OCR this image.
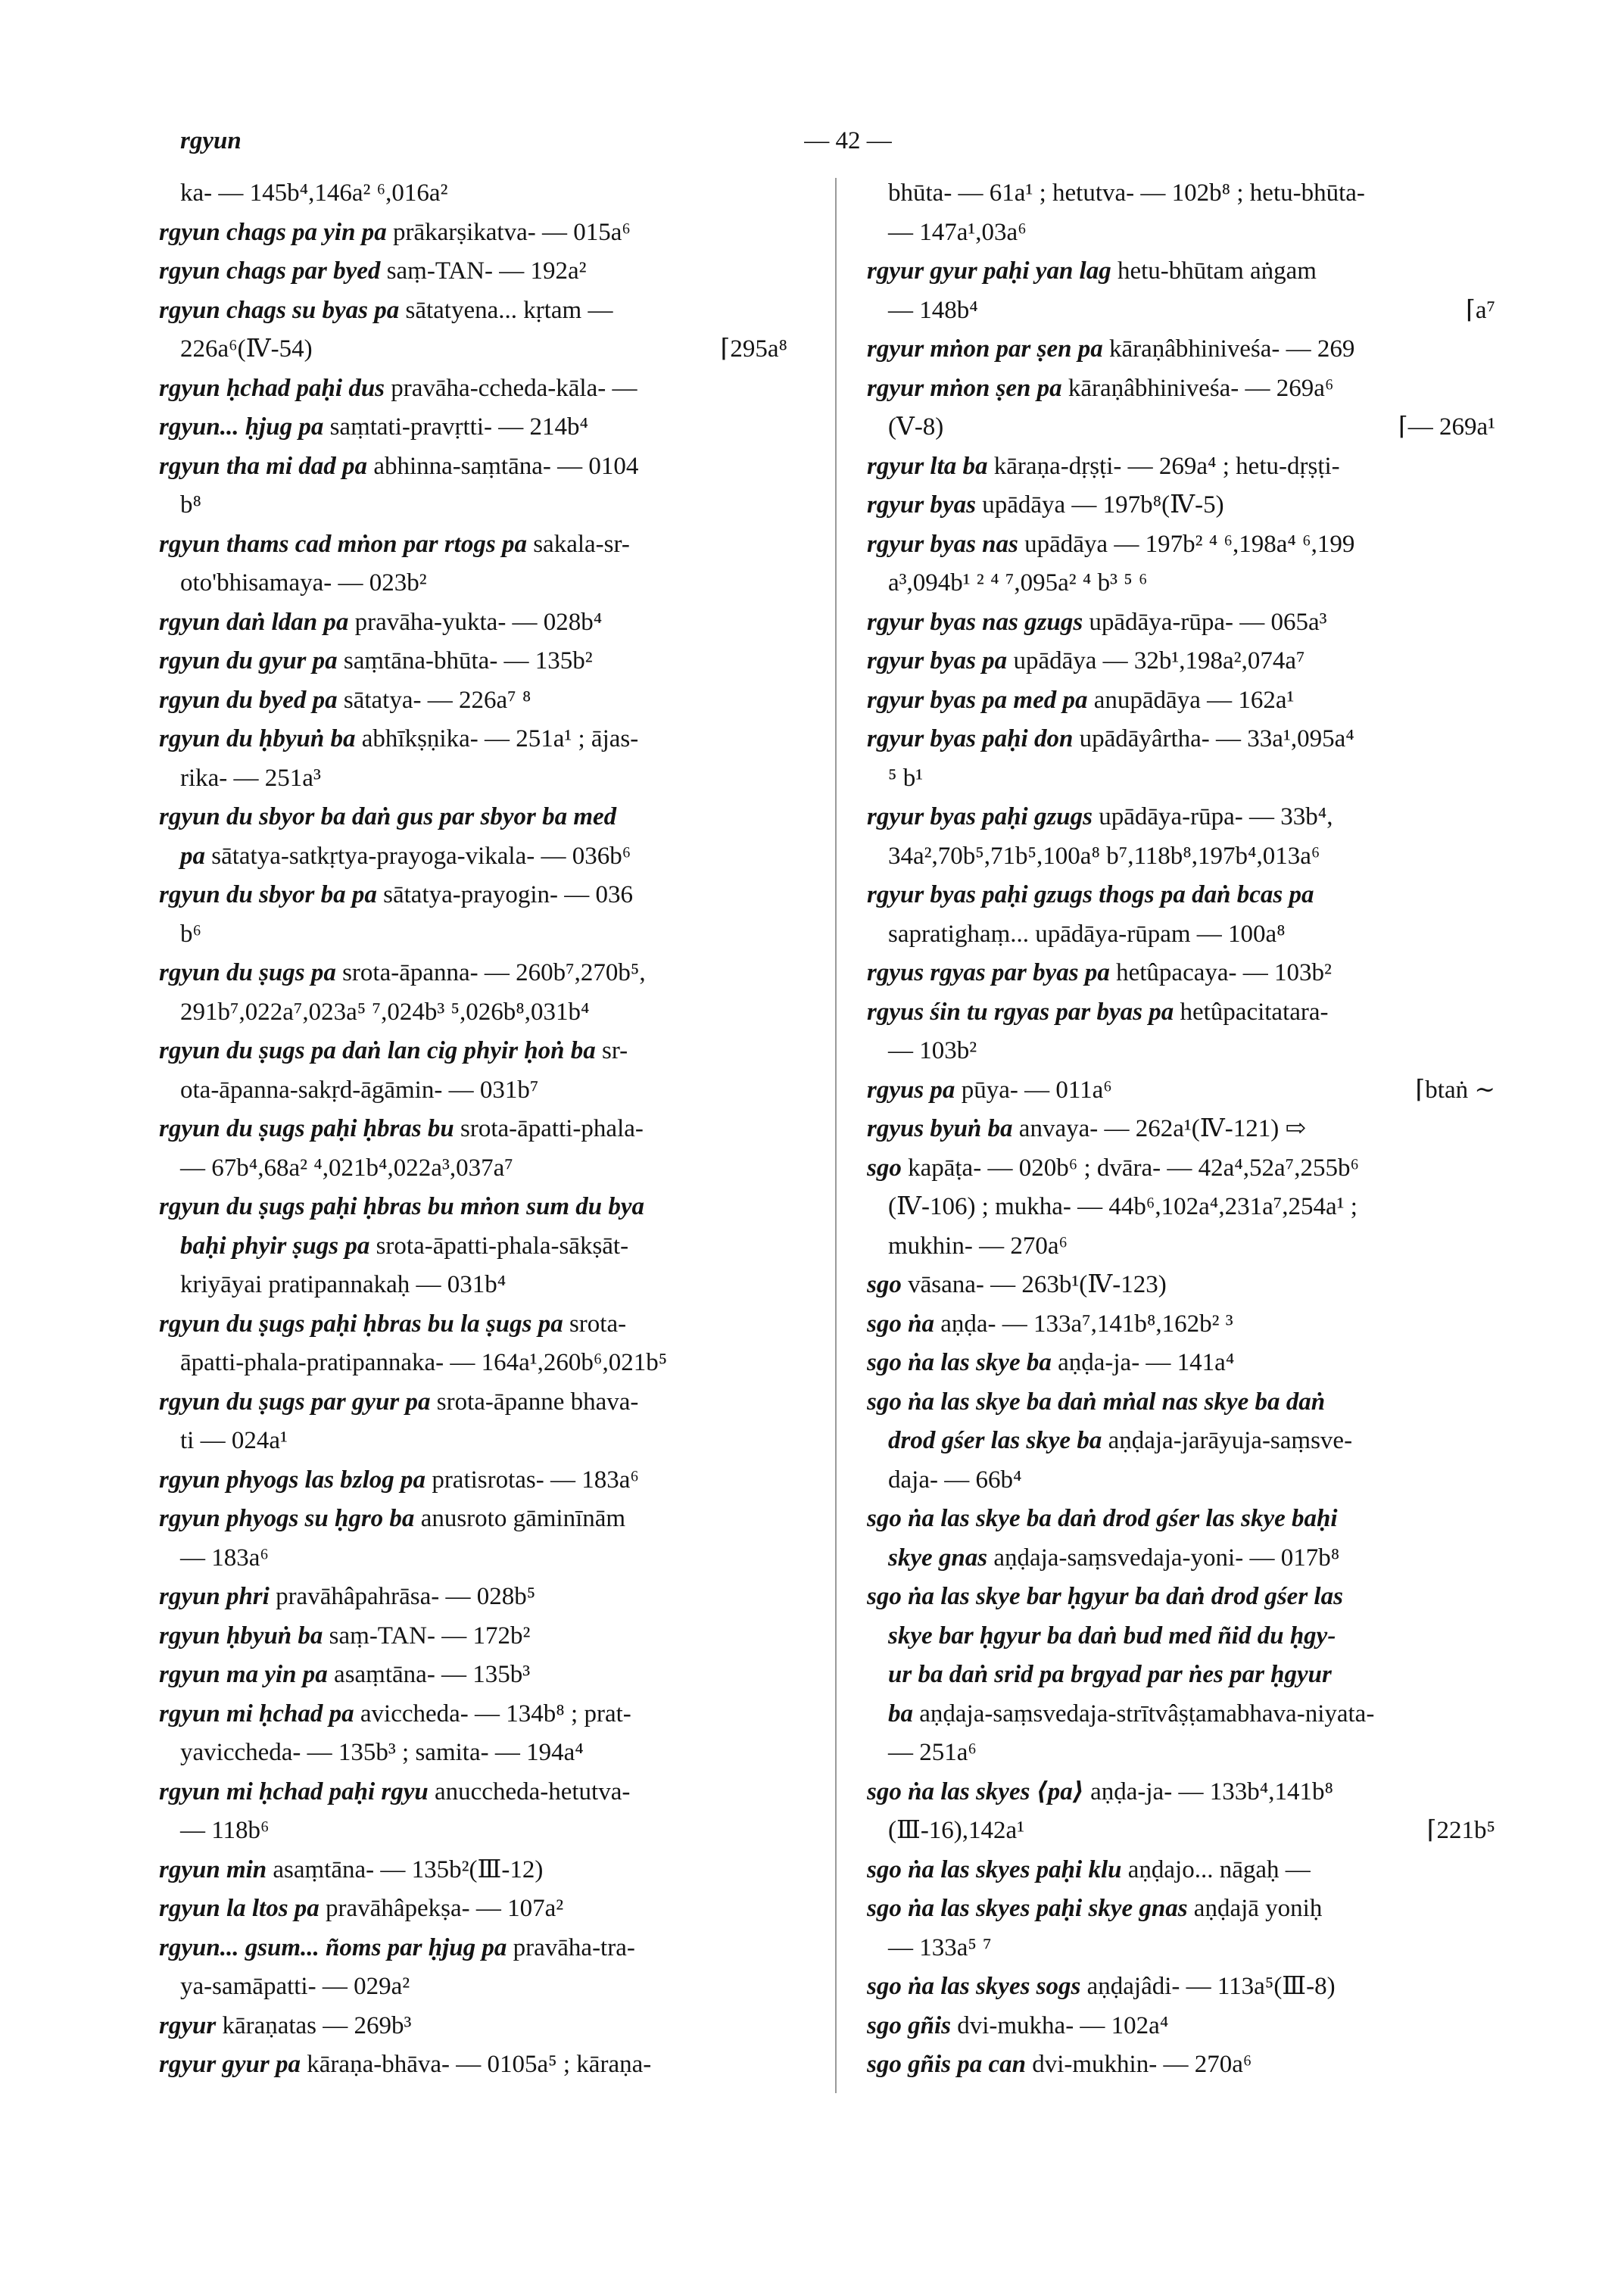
rgyun	— 42 —
ka- — 145b⁴,146a² ⁶,016a²
rgyun chags pa yin pa prākarṣikatva- — 015a⁶
rgyun chags par byed saṃ-TAN- — 192a²
rgyun chags su byas pa sātatyena... kṛtam —
⌈295a⁸
226a⁶(Ⅳ-54)
rgyun ḥchad paḥi dus pravāha-ccheda-kāla- —
rgyun... ḥjug pa saṃtati-pravṛtti- — 214b⁴
rgyun tha mi dad pa abhinna-saṃtāna- — 0104
b⁸
rgyun thams cad mṅon par rtogs pa sakala-sr-
oto'bhisamaya- — 023b²
rgyun daṅ ldan pa pravāha-yukta- — 028b⁴
rgyun du gyur pa saṃtāna-bhūta- — 135b²
rgyun du byed pa sātatya- — 226a⁷ ⁸
rgyun du ḥbyuṅ ba abhīkṣṇika- — 251a¹ ; ājas-
rika- — 251a³
rgyun du sbyor ba daṅ gus par sbyor ba med
pa sātatya-satkṛtya-prayoga-vikala- — 036b⁶
rgyun du sbyor ba pa sātatya-prayogin- — 036
b⁶
rgyun du ṣugs pa srota-āpanna- — 260b⁷,270b⁵,
291b⁷,022a⁷,023a⁵ ⁷,024b³ ⁵,026b⁸,031b⁴
rgyun du ṣugs pa daṅ lan cig phyir ḥoṅ ba sr-
ota-āpanna-sakṛd-āgāmin- — 031b⁷
rgyun du ṣugs paḥi ḥbras bu srota-āpatti-phala-
— 67b⁴,68a² ⁴,021b⁴,022a³,037a⁷
rgyun du ṣugs paḥi ḥbras bu mṅon sum du bya
baḥi phyir ṣugs pa srota-āpatti-phala-sākṣāt-
kriyāyai pratipannakaḥ — 031b⁴
rgyun du ṣugs paḥi ḥbras bu la ṣugs pa srota-
āpatti-phala-pratipannaka- — 164a¹,260b⁶,021b⁵
rgyun du ṣugs par gyur pa srota-āpanne bhava-
ti — 024a¹
rgyun phyogs las bzlog pa pratisrotas- — 183a⁶
rgyun phyogs su ḥgro ba anusroto gāminīnām
— 183a⁶
rgyun phri pravāhâpahrāsa- — 028b⁵
rgyun ḥbyuṅ ba saṃ-TAN- — 172b²
rgyun ma yin pa asaṃtāna- — 135b³
rgyun mi ḥchad pa aviccheda- — 134b⁸ ; prat-
yaviccheda- — 135b³ ; samita- — 194a⁴
rgyun mi ḥchad paḥi rgyu anuccheda-hetutva-
— 118b⁶
rgyun min asaṃtāna- — 135b²(Ⅲ-12)
rgyun la ltos pa pravāhâpekṣa- — 107a²
rgyun... gsum... ñoms par ḥjug pa pravāha-tra-
ya-samāpatti- — 029a²
rgyur kāraṇatas — 269b³
rgyur gyur pa kāraṇa-bhāva- — 0105a⁵ ; kāraṇa-
bhūta- — 61a¹ ; hetutva- — 102b⁸ ; hetu-bhūta-
— 147a¹,03a⁶
rgyur gyur paḥi yan lag hetu-bhūtam aṅgam
⌈a⁷
— 148b⁴
rgyur mṅon par ṣen pa kāraṇâbhiniveśa- — 269
rgyur mṅon ṣen pa kāraṇâbhiniveśa- — 269a⁶
⌈— 269a¹
(Ⅴ-8)
rgyur lta ba kāraṇa-dṛṣṭi- — 269a⁴ ; hetu-dṛṣṭi-
rgyur byas upādāya — 197b⁸(Ⅳ-5)
rgyur byas nas upādāya — 197b² ⁴ ⁶,198a⁴ ⁶,199
a³,094b¹ ² ⁴ ⁷,095a² ⁴ b³ ⁵ ⁶
rgyur byas nas gzugs upādāya-rūpa- — 065a³
rgyur byas pa upādāya — 32b¹,198a²,074a⁷
rgyur byas pa med pa anupādāya — 162a¹
rgyur byas paḥi don upādāyârtha- — 33a¹,095a⁴
⁵ b¹
rgyur byas paḥi gzugs upādāya-rūpa- — 33b⁴,
34a²,70b⁵,71b⁵,100a⁸ b⁷,118b⁸,197b⁴,013a⁶
rgyur byas paḥi gzugs thogs pa daṅ bcas pa
sapratighaṃ... upādāya-rūpam — 100a⁸
rgyus rgyas par byas pa hetûpacaya- — 103b²
rgyus śin tu rgyas par byas pa hetûpacitatara-
— 103b²
⌈btaṅ ∼
rgyus pa pūya- — 011a⁶
rgyus byuṅ ba anvaya- — 262a¹(Ⅳ-121) ⇨
sgo kapāṭa- — 020b⁶ ; dvāra- — 42a⁴,52a⁷,255b⁶
(Ⅳ-106) ; mukha- — 44b⁶,102a⁴,231a⁷,254a¹ ;
mukhin- — 270a⁶
sgo vāsana- — 263b¹(Ⅳ-123)
sgo ṅa aṇḍa- — 133a⁷,141b⁸,162b² ³
sgo ṅa las skye ba aṇḍa-ja- — 141a⁴
sgo ṅa las skye ba daṅ mṅal nas skye ba daṅ
drod gśer las skye ba aṇḍaja-jarāyuja-saṃsve-
daja- — 66b⁴
sgo ṅa las skye ba daṅ drod gśer las skye baḥi
skye gnas aṇḍaja-saṃsvedaja-yoni- — 017b⁸
sgo ṅa las skye bar ḥgyur ba daṅ drod gśer las
skye bar ḥgyur ba daṅ bud med ñid du ḥgy-
ur ba daṅ srid pa brgyad par ṅes par ḥgyur
ba aṇḍaja-saṃsvedaja-strītvâṣṭamabhava-niyata-
— 251a⁶
sgo ṅa las skyes ⟨pa⟩ aṇḍa-ja- — 133b⁴,141b⁸
⌈221b⁵
(Ⅲ-16),142a¹
sgo ṅa las skyes paḥi klu aṇḍajo... nāgaḥ —
sgo ṅa las skyes paḥi skye gnas aṇḍajā yoniḥ
— 133a⁵ ⁷
sgo ṅa las skyes sogs aṇḍajâdi- — 113a⁵(Ⅲ-8)
sgo gñis dvi-mukha- — 102a⁴
sgo gñis pa can dvi-mukhin- — 270a⁶
